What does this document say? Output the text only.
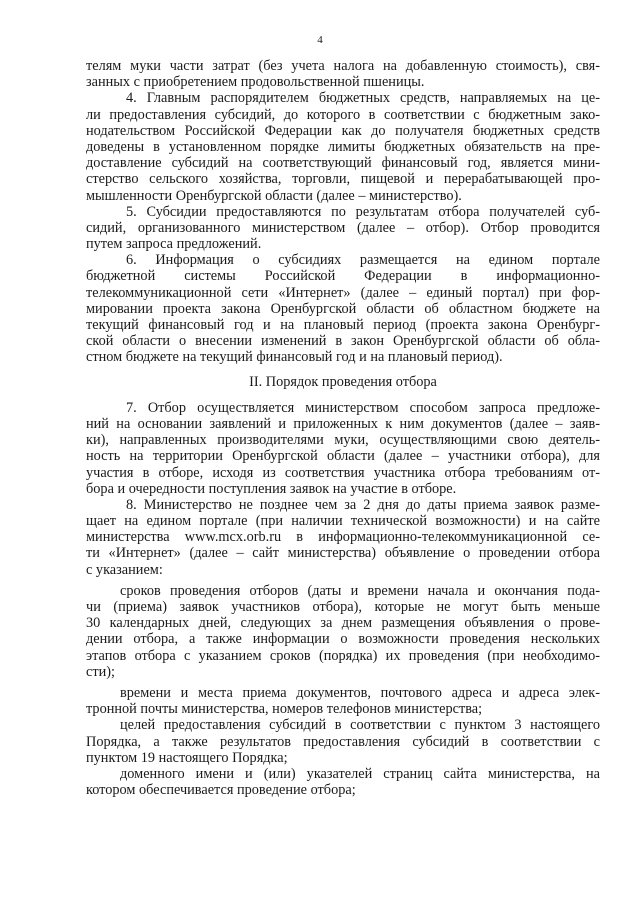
4
телям муки части затрат (без учета налога на добавленную стоимость), свя-
занных с приобретением продовольственной пшеницы.
4. Главным распорядителем бюджетных средств, направляемых на це-
ли предоставления субсидий, до которого в соответствии с бюджетным зако-
нодательством Российской Федерации как до получателя бюджетных средств
доведены в установленном порядке лимиты бюджетных обязательств на пре-
доставление субсидий на соответствующий финансовый год, является мини-
стерство сельского хозяйства, торговли, пищевой и перерабатывающей про-
мышленности Оренбургской области (далее – министерство).
5. Субсидии предоставляются по результатам отбора получателей суб-
сидий, организованного министерством (далее – отбор). Отбор проводится
путем запроса предложений.
6. Информация о субсидиях размещается на едином портале
бюджетной системы Российской Федерации в информационно-
телекоммуникационной сети «Интернет» (далее – единый портал) при фор-
мировании проекта закона Оренбургской области об областном бюджете на
текущий финансовый год и на плановый период (проекта закона Оренбург-
ской области о внесении изменений в закон Оренбургской области об обла-
стном бюджете на текущий финансовый год и на плановый период).
II. Порядок проведения отбора
7. Отбор осуществляется министерством способом запроса предложе-
ний на основании заявлений и приложенных к ним документов (далее – заяв-
ки), направленных производителями муки, осуществляющими свою деятель-
ность на территории Оренбургской области (далее – участники отбора), для
участия в отборе, исходя из соответствия участника отбора требованиям от-
бора и очередности поступления заявок на участие в отборе.
8. Министерство не позднее чем за 2 дня до даты приема заявок разме-
щает на едином портале (при наличии технической возможности) и на сайте
министерства www.mcx.orb.ru в информационно-телекоммуникационной се-
ти «Интернет» (далее – сайт министерства) объявление о проведении отбора
с указанием:
сроков проведения отборов (даты и времени начала и окончания пода-
чи (приема) заявок участников отбора), которые не могут быть меньше
30 календарных дней, следующих за днем размещения объявления о прове-
дении отбора, а также информации о возможности проведения нескольких
этапов отбора с указанием сроков (порядка) их проведения (при необходимо-
сти);
времени и места приема документов, почтового адреса и адреса элек-
тронной почты министерства, номеров телефонов министерства;
целей предоставления субсидий в соответствии с пунктом 3 настоящего
Порядка, а также результатов предоставления субсидий в соответствии с
пунктом 19 настоящего Порядка;
доменного имени и (или) указателей страниц сайта министерства, на
котором обеспечивается проведение отбора;
